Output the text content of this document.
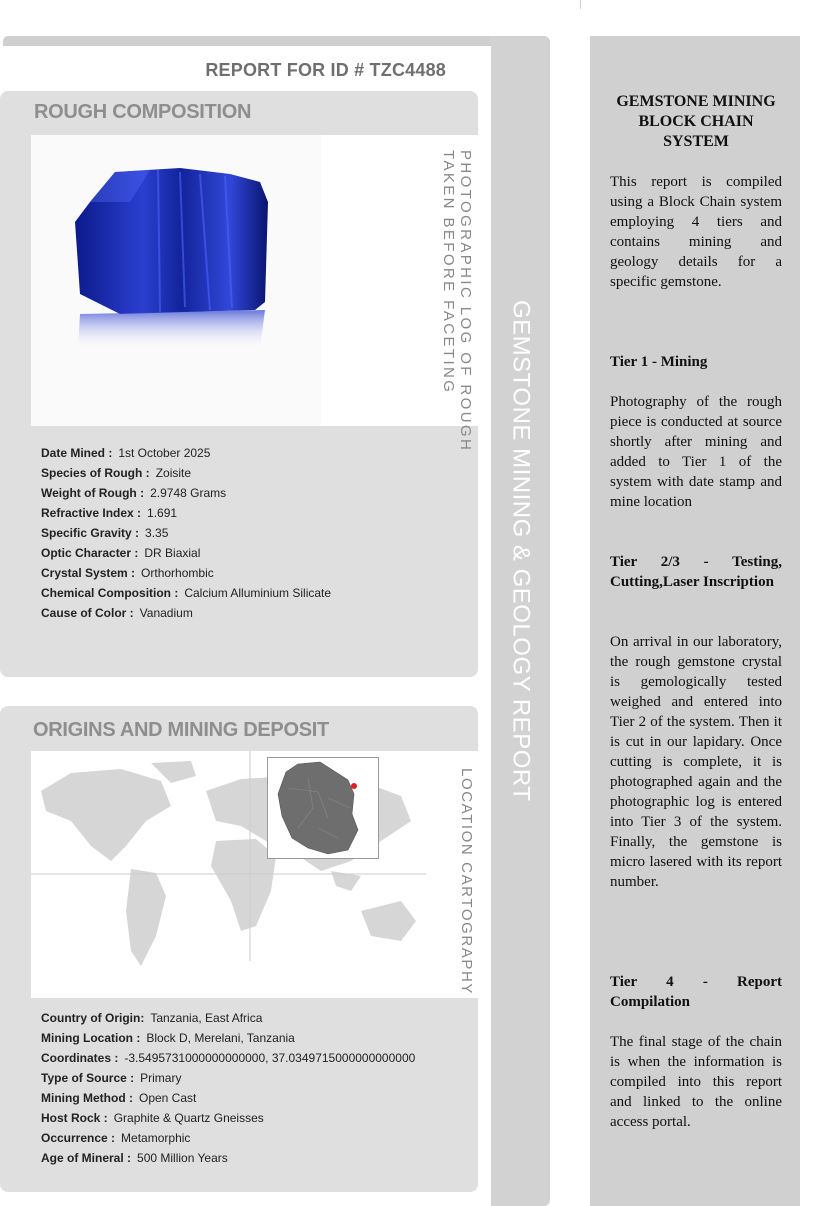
GEMSTONE MINING & GEOLOGY REPORT
REPORT FOR ID # TZC4488
ROUGH COMPOSITION
PHOTOGRAPHIC LOG OF ROUGH
TAKEN BEFORE FACETING
Date Mined : 1st October 2025
Species of Rough : Zoisite
Weight of Rough : 2.9748 Grams
Refractive Index : 1.691
Specific Gravity : 3.35
Optic Character : DR Biaxial
Crystal System : Orthorhombic
Chemical Composition : Calcium Alluminium Silicate
Cause of Color : Vanadium
ORIGINS AND MINING DEPOSIT
LOCATION CARTOGRAPHY
Country of Origin: Tanzania, East Africa
Mining Location : Block D, Merelani, Tanzania
Coordinates : -3.5495731000000000000, 37.0349715000000000000
Type of Source : Primary
Mining Method : Open Cast
Host Rock : Graphite & Quartz Gneisses
Occurrence : Metamorphic
Age of Mineral : 500 Million Years
GEMSTONE MINING BLOCK CHAIN SYSTEM
This report is compiled using a Block Chain system employing 4 tiers and contains mining and geology details for a specific gemstone.
Tier 1 - Mining
Photography of the rough piece is conducted at source shortly after mining and added to Tier 1 of the system with date stamp and mine location
Tier 2/3 - Testing, Cutting,Laser Inscription
On arrival in our laboratory, the rough gemstone crystal is gemologically tested weighed and entered into Tier 2 of the system. Then it is cut in our lapidary. Once cutting is complete, it is photographed again and the photographic log is entered into Tier 3 of the system. Finally, the gemstone is micro lasered with its report number.
Tier 4 - Report Compilation
The final stage of the chain is when the information is compiled into this report and linked to the online access portal.
